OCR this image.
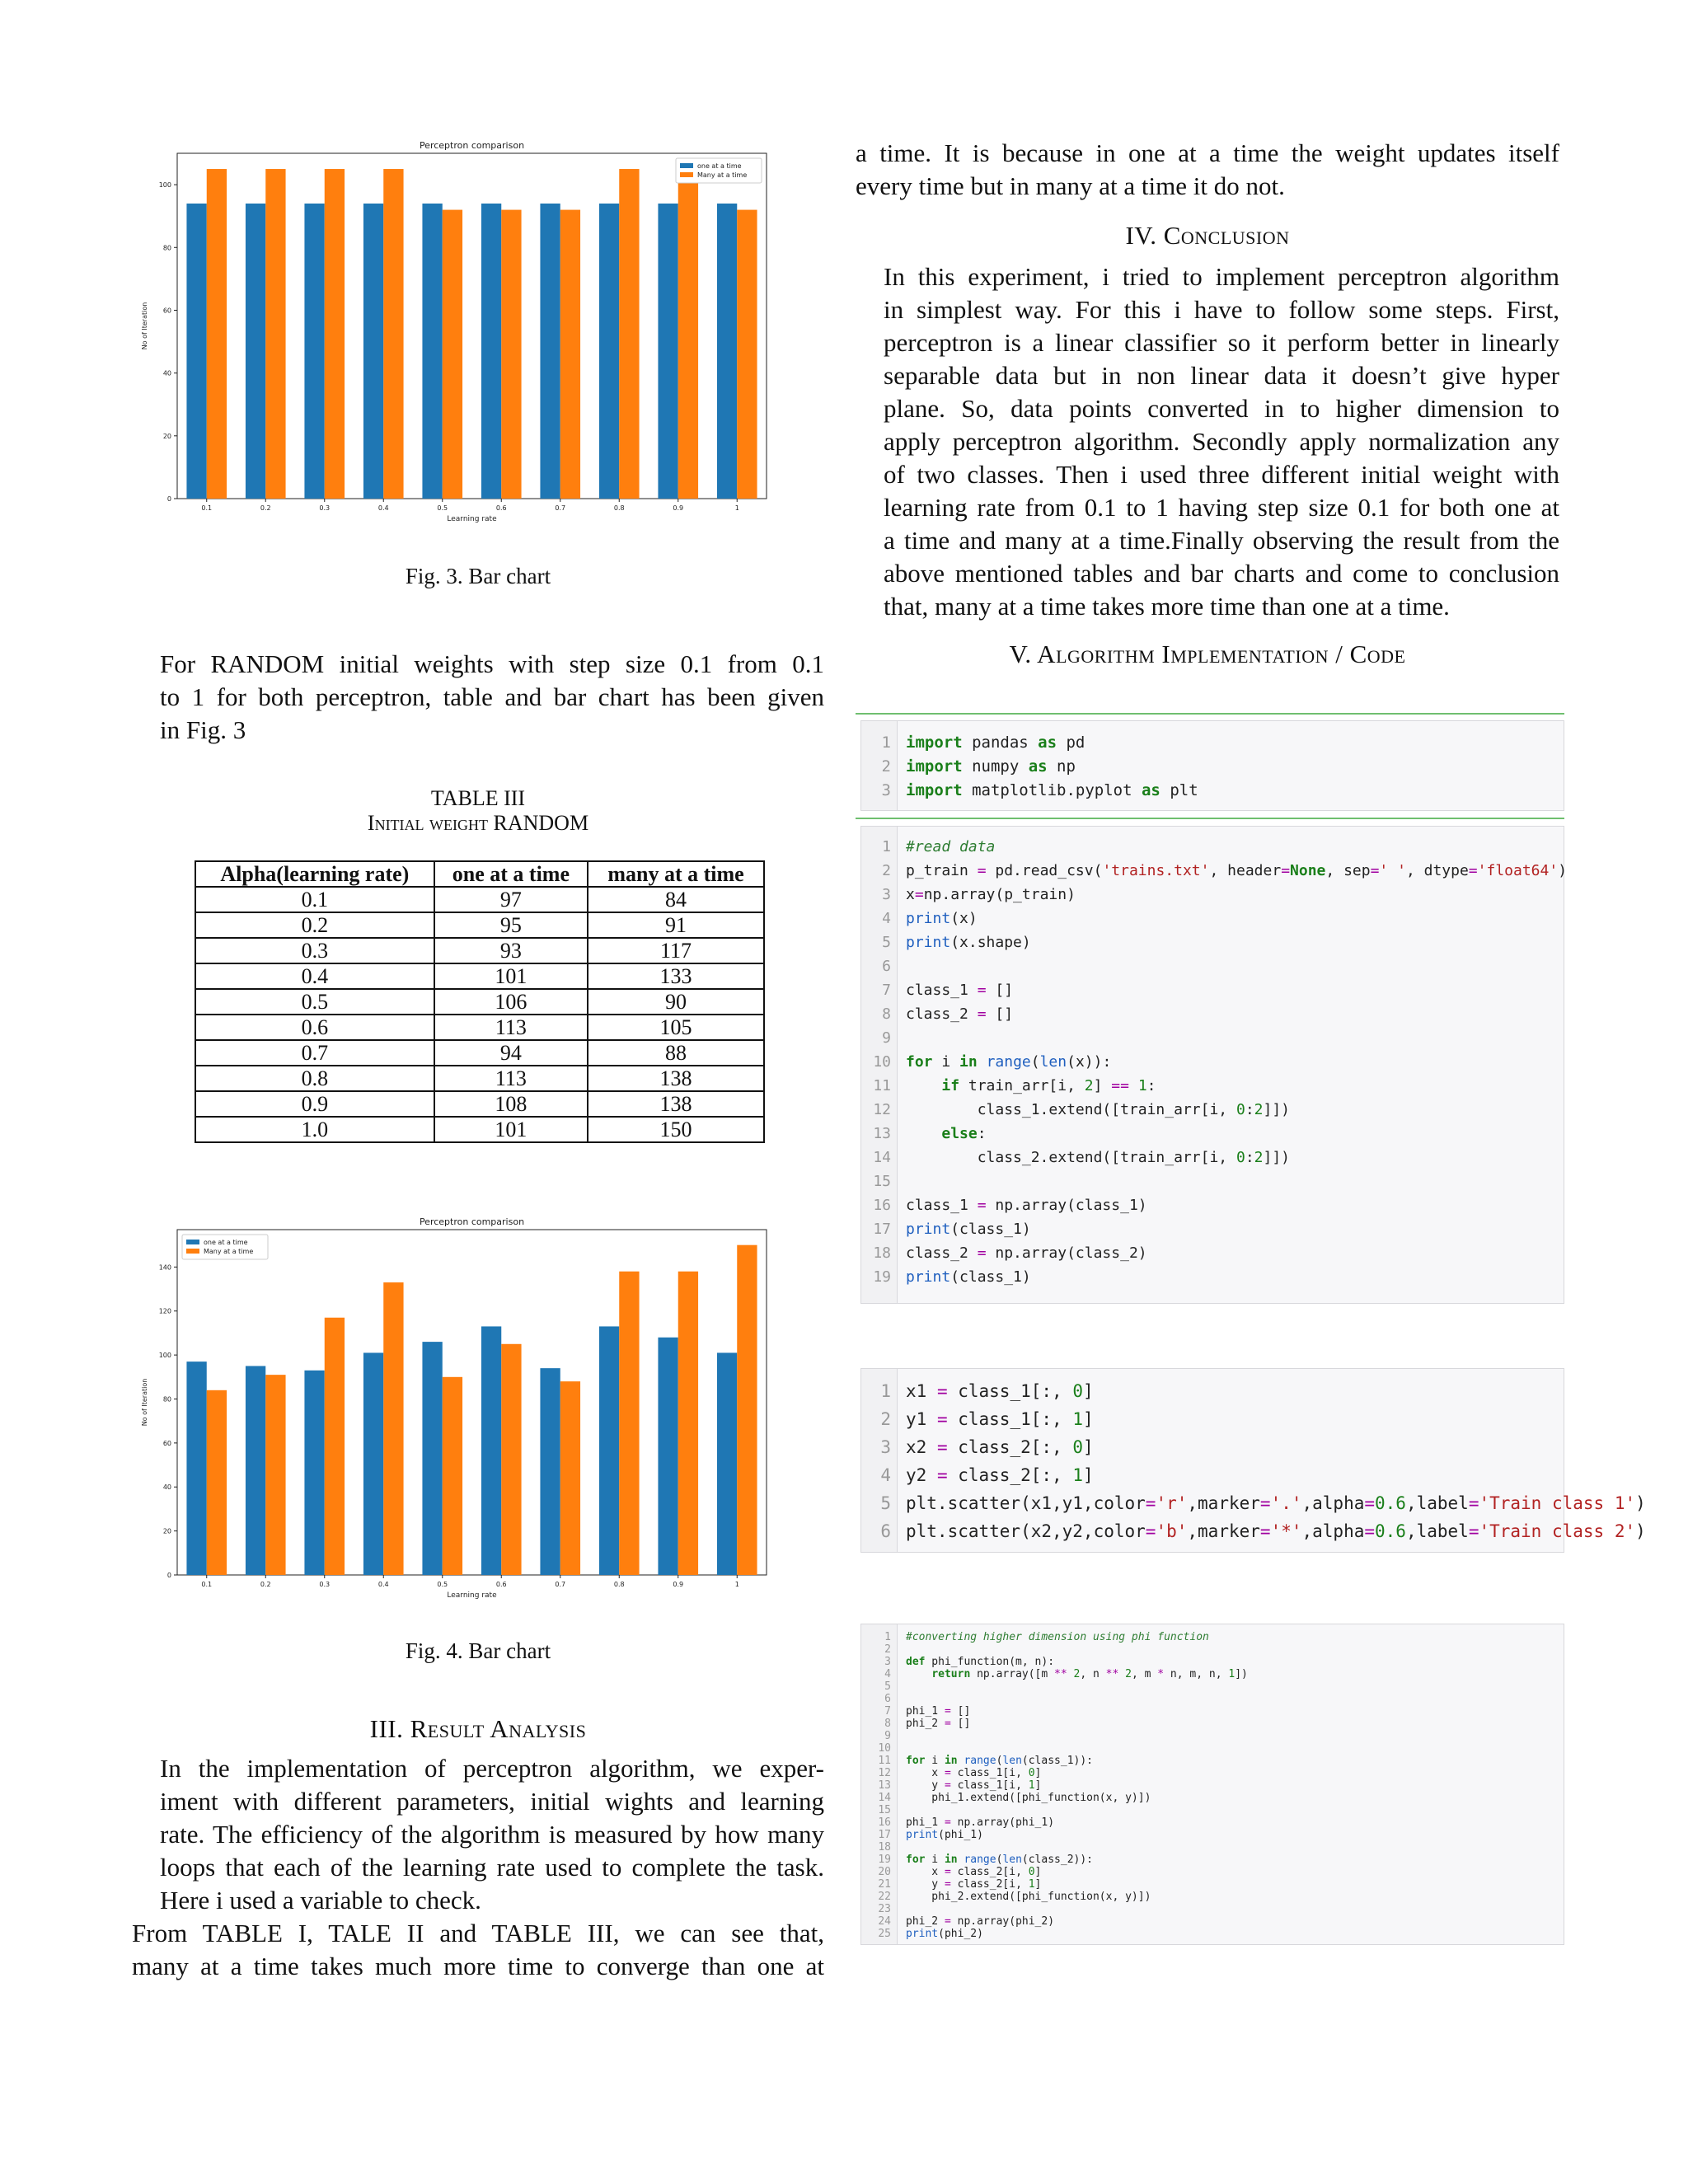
Perceptron comparison
0
20
40
60
80
100
0.1	0.2	0.3	0.4	0.5	0.6	0.7	0.8	0.9	1
Learning rate
No of Iteration
one at a time
Many at a time
Fig. 3. Bar chart
For RANDOM initial weights with step size 0.1 from 0.1
to 1 for both perceptron, table and bar chart has been given
in Fig. 3
TABLE III
Initial weight RANDOM
Alpha(learning rate)	one at a time	many at a time
0.1	97	84
0.2	95	91
0.3	93	117
0.4	101	133
0.5	106	90
0.6	113	105
0.7	94	88
0.8	113	138
0.9	108	138
1.0	101	150
Perceptron comparison
0
20
40
60
80
100
120
140
0.1	0.2	0.3	0.4	0.5	0.6	0.7	0.8	0.9	1
Learning rate
No of Iteration
one at a time
Many at a time
Fig. 4. Bar chart
III. Result Analysis
In the implementation of perceptron algorithm, we exper-
iment with different parameters, initial wights and learning
rate. The efficiency of the algorithm is measured by how many
loops that each of the learning rate used to complete the task.
Here i used a variable to check.
From TABLE I, TALE II and TABLE III, we can see that,
many at a time takes much more time to converge than one at
a time. It is because in one at a time the weight updates itself
every time but in many at a time it do not.
IV. Conclusion
In this experiment, i tried to implement perceptron algorithm
in simplest way. For this i have to follow some steps. First,
perceptron is a linear classifier so it perform better in linearly
separable data but in non linear data it doesn’t give hyper
plane. So, data points converted in to higher dimension to
apply perceptron algorithm. Secondly apply normalization any
of two classes. Then i used three different initial weight with
learning rate from 0.1 to 1 having step size 0.1 for both one at
a time and many at a time.Finally observing the result from the
above mentioned tables and bar charts and come to conclusion
that, many at a time takes more time than one at a time.
V. Algorithm Implementation / Code
1 import pandas as pd
2 import numpy as np
3 import matplotlib.pyplot as plt
1 #read data
2 p_train = pd.read_csv('trains.txt', header=None, sep=' ', dtype='float64')
3 x=np.array(p_train)
4 print(x)
5 print(x.shape)
6
7 class_1 = []
8 class_2 = []
9
10 for i in range(len(x)):
11	if train_arr[i, 2] == 1:
12        class_1.extend([train_arr[i, 0:2]])
13	else:
14        class_2.extend([train_arr[i, 0:2]])
15
16 class_1 = np.array(class_1)
17 print(class_1)
18 class_2 = np.array(class_2)
19 print(class_1)
1 x1 = class_1[:, 0]
2 y1 = class_1[:, 1]
3 x2 = class_2[:, 0]
4 y2 = class_2[:, 1]
5 plt.scatter(x1,y1,color='r',marker='.',alpha=0.6,label='Train class 1')
6 plt.scatter(x2,y2,color='b',marker='*',alpha=0.6,label='Train class 2')
1 #converting higher dimension using phi function
2
3 def phi_function(m, n):
4	return np.array([m ** 2, n ** 2, m * n, m, n, 1])
5
6
7 phi_1 = []
8 phi_2 = []
9
10
11 for i in range(len(class_1)):
12    x = class_1[i, 0]
13    y = class_1[i, 1]
14    phi_1.extend([phi_function(x, y)])
15
16 phi_1 = np.array(phi_1)
17 print(phi_1)
18
19 for i in range(len(class_2)):
20    x = class_2[i, 0]
21    y = class_2[i, 1]
22    phi_2.extend([phi_function(x, y)])
23
24 phi_2 = np.array(phi_2)
25 print(phi_2)
